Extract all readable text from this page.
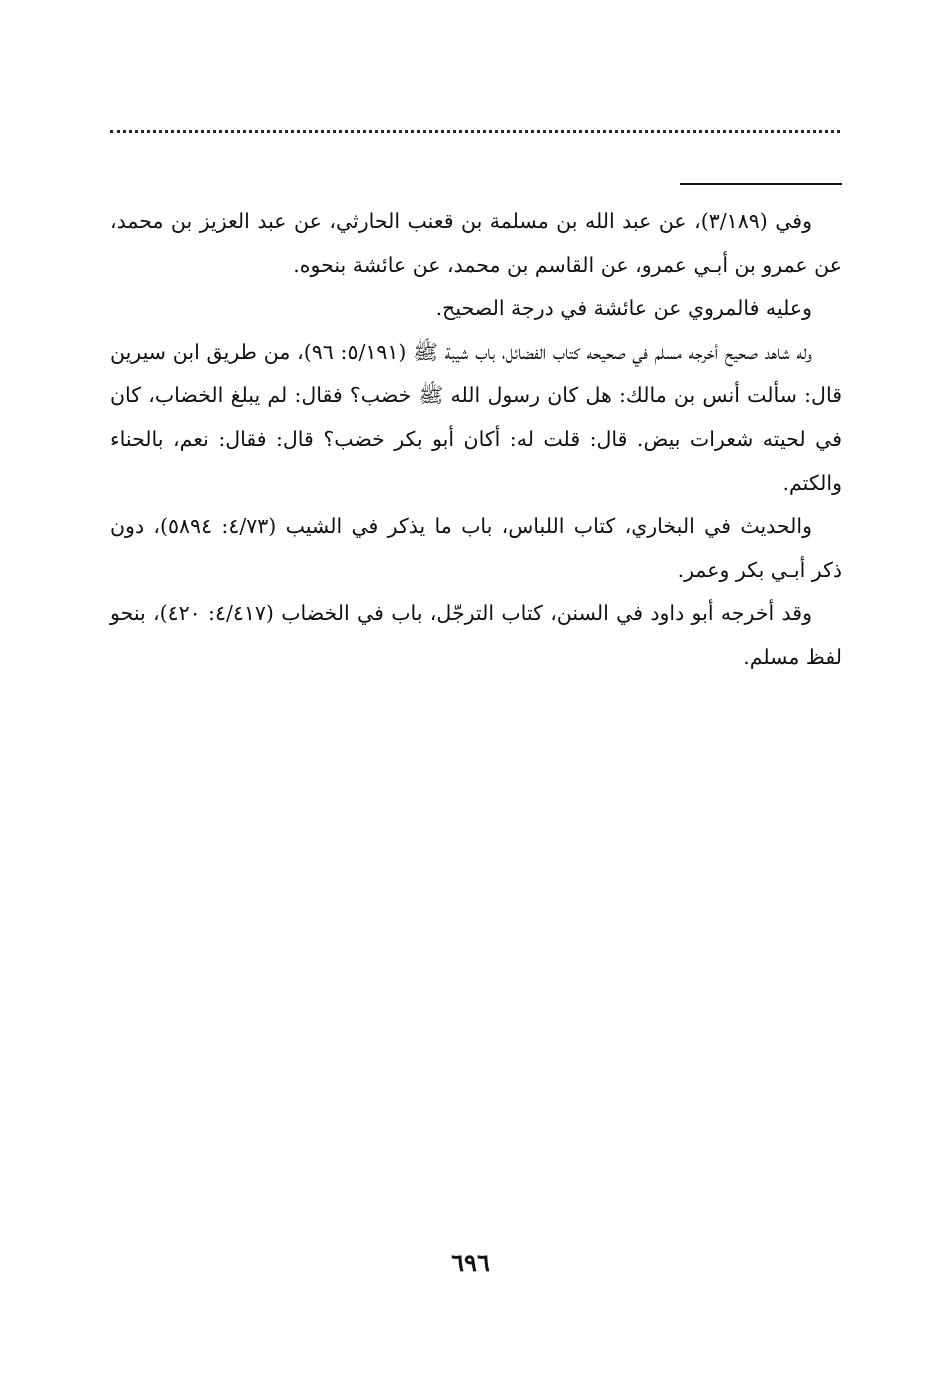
وفي (٣/١٨٩)، عن عبد الله بن مسلمة بن قعنب الحارثي، عن عبد العزيز بن محمد، عن عمرو بن أبـي عمرو، عن القاسم بن محمد، عن عائشة بنحوه.

وعليه فالمروي عن عائشة في درجة الصحيح.

وله شاهد صحيح أخرجه مسلم في صحيحه كتاب الفضائل، باب شيبة ﷺ (٥/١٩١: ٩٦)، من طريق ابن سيرين قال: سألت أنس بن مالك: هل كان رسول الله ﷺ خضب؟ فقال: لم يبلغ الخضاب، كان في لحيته شعرات بيض. قال: قلت له: أكان أبو بكر خضب؟ قال: فقال: نعم، بالحناء والكتم.

والحديث في البخاري، كتاب اللباس، باب ما يذكر في الشيب (٤/٧٣: ٥٨٩٤)، دون ذكر أبـي بكر وعمر.

وقد أخرجه أبو داود في السنن، كتاب الترجّل، باب في الخضاب (٤/٤١٧: ٤٢٠)، بنحو لفظ مسلم.

٦٩٦
